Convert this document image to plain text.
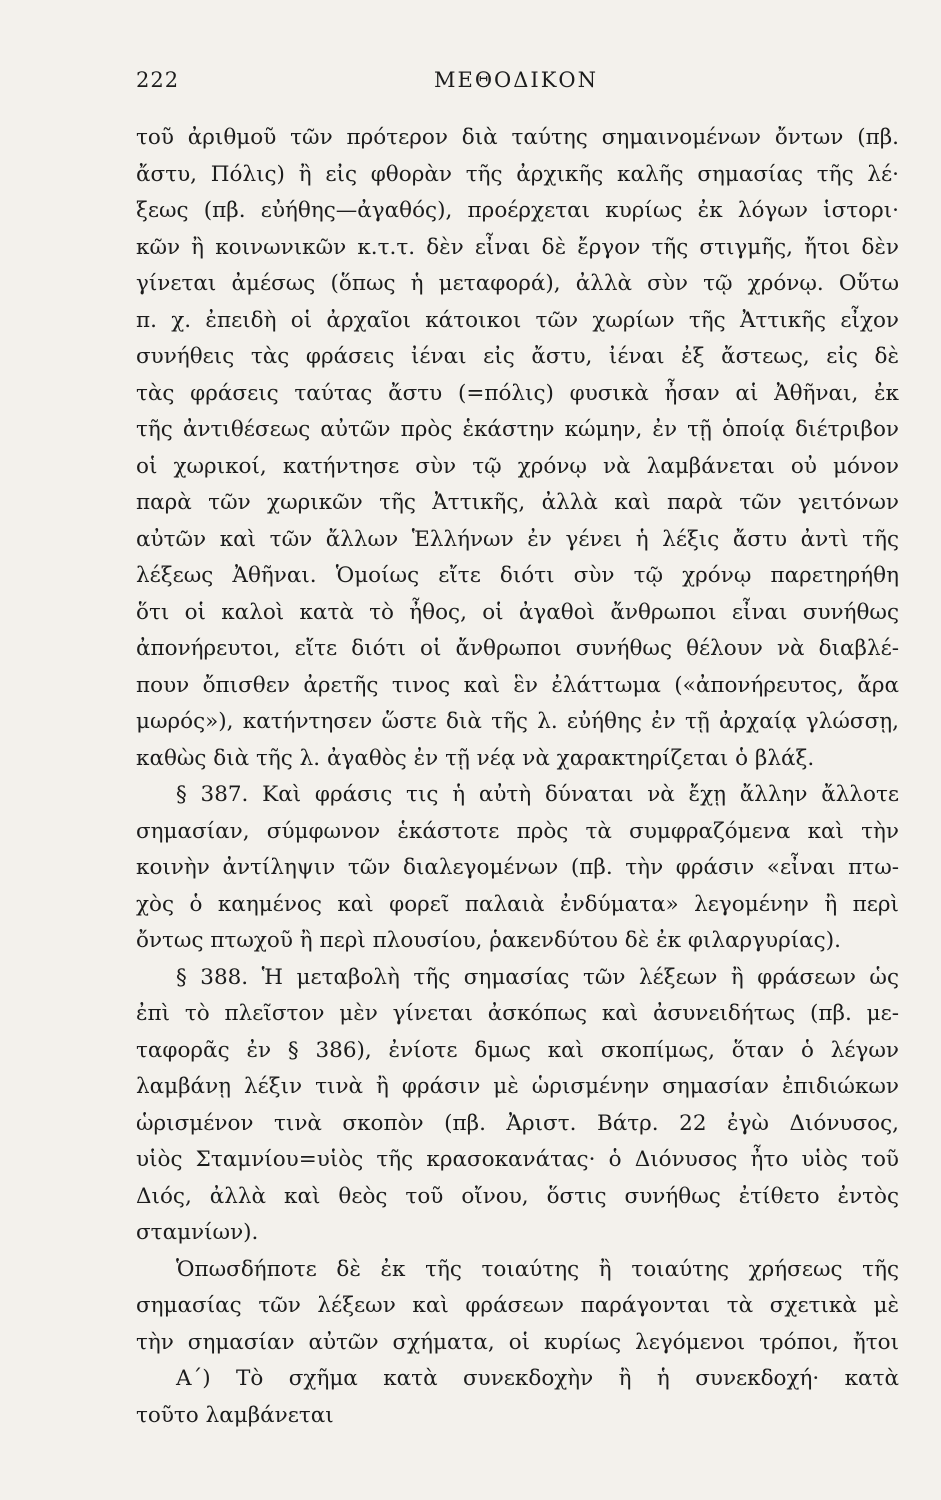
222	ΜΕΘΟΔΙΚΟΝ
τοῦ ἀριθμοῦ τῶν πρότερον διὰ ταύτης σημαινομένων ὄντων (πβ.
ἄστυ, Πόλις) ἢ εἰς φθορὰν τῆς ἀρχικῆς καλῆς σημασίας τῆς λέ·
ξεως (πβ. εὐήθης—ἀγαθός), προέρχεται κυρίως ἐκ λόγων ἱστορι·
κῶν ἢ κοινωνικῶν κ.τ.τ. δὲν εἶναι δὲ ἔργον τῆς στιγμῆς, ἤτοι δὲν
γίνεται ἀμέσως (ὅπως ἡ μεταφορά), ἀλλὰ σὺν τῷ χρόνῳ. Οὕτω
π. χ. ἐπειδὴ οἱ ἀρχαῖοι κάτοικοι τῶν χωρίων τῆς Ἀττικῆς εἶχον
συνήθεις τὰς φράσεις ἰέναι εἰς ἄστυ, ἰέναι ἐξ ἄστεως, εἰς δὲ
τὰς φράσεις ταύτας ἄστυ (=πόλις) φυσικὰ ἦσαν αἱ Ἀθῆναι, ἐκ
τῆς ἀντιθέσεως αὐτῶν πρὸς ἑκάστην κώμην, ἐν τῇ ὁποίᾳ διέτριβον
οἱ χωρικοί, κατήντησε σὺν τῷ χρόνῳ νὰ λαμβάνεται οὐ μόνον
παρὰ τῶν χωρικῶν τῆς Ἀττικῆς, ἀλλὰ καὶ παρὰ τῶν γειτόνων
αὐτῶν καὶ τῶν ἄλλων Ἑλλήνων ἐν γένει ἡ λέξις ἄστυ ἀντὶ τῆς
λέξεως Ἀθῆναι. Ὁμοίως εἴτε διότι σὺν τῷ χρόνῳ παρετηρήθη
ὅτι οἱ καλοὶ κατὰ τὸ ἦθος, οἱ ἀγαθοὶ ἄνθρωποι εἶναι συνήθως
ἀπονήρευτοι, εἴτε διότι οἱ ἄνθρωποι συνήθως θέλουν νὰ διαβλέ-
πουν ὄπισθεν ἀρετῆς τινος καὶ ἓν ἐλάττωμα («ἀπονήρευτος, ἄρα
μωρός»), κατήντησεν ὥστε διὰ τῆς λ. εὐήθης ἐν τῇ ἀρχαίᾳ γλώσσῃ,
καθὼς διὰ τῆς λ. ἀγαθὸς ἐν τῇ νέᾳ νὰ χαρακτηρίζεται ὁ βλάξ.
§ 387. Καὶ φράσις τις ἡ αὐτὴ δύναται νὰ ἔχῃ ἄλλην ἄλλοτε
σημασίαν, σύμφωνον ἑκάστοτε πρὸς τὰ συμφραζόμενα καὶ τὴν
κοινὴν ἀντίληψιν τῶν διαλεγομένων (πβ. τὴν φράσιν «εἶναι πτω-
χὸς ὁ καημένος καὶ φορεῖ παλαιὰ ἐνδύματα» λεγομένην ἢ περὶ
ὄντως πτωχοῦ ἢ περὶ πλουσίου, ῥακενδύτου δὲ ἐκ φιλαργυρίας).
§ 388. Ἡ μεταβολὴ τῆς σημασίας τῶν λέξεων ἢ φράσεων ὡς
ἐπὶ τὸ πλεῖστον μὲν γίνεται ἀσκόπως καὶ ἀσυνειδήτως (πβ. με-
ταφορᾶς ἐν § 386), ἐνίοτε δμως καὶ σκοπίμως, ὅταν ὁ λέγων
λαμβάνῃ λέξιν τινὰ ἢ φράσιν μὲ ὡρισμένην σημασίαν ἐπιδιώκων
ὡρισμένον τινὰ σκοπὸν (πβ. Ἀριστ. Βάτρ. 22 ἐγὼ Διόνυσος,
υἱὸς Σταμνίου=υἱὸς τῆς κρασοκανάτας· ὁ Διόνυσος ἦτο υἱὸς τοῦ
Διός, ἀλλὰ καὶ θεὸς τοῦ οἴνου, ὅστις συνήθως ἐτίθετο ἐντὸς
σταμνίων).
Ὁπωσδήποτε δὲ ἐκ τῆς τοιαύτης ἢ τοιαύτης χρήσεως τῆς
σημασίας τῶν λέξεων καὶ φράσεων παράγονται τὰ σχετικὰ μὲ
τὴν σημασίαν αὐτῶν σχήματα, οἱ κυρίως λεγόμενοι τρόποι, ἤτοι
Α΄) Τὸ σχῆμα κατὰ συνεκδοχὴν ἢ ἡ συνεκδοχή· κατὰ
τοῦτο λαμβάνεται
